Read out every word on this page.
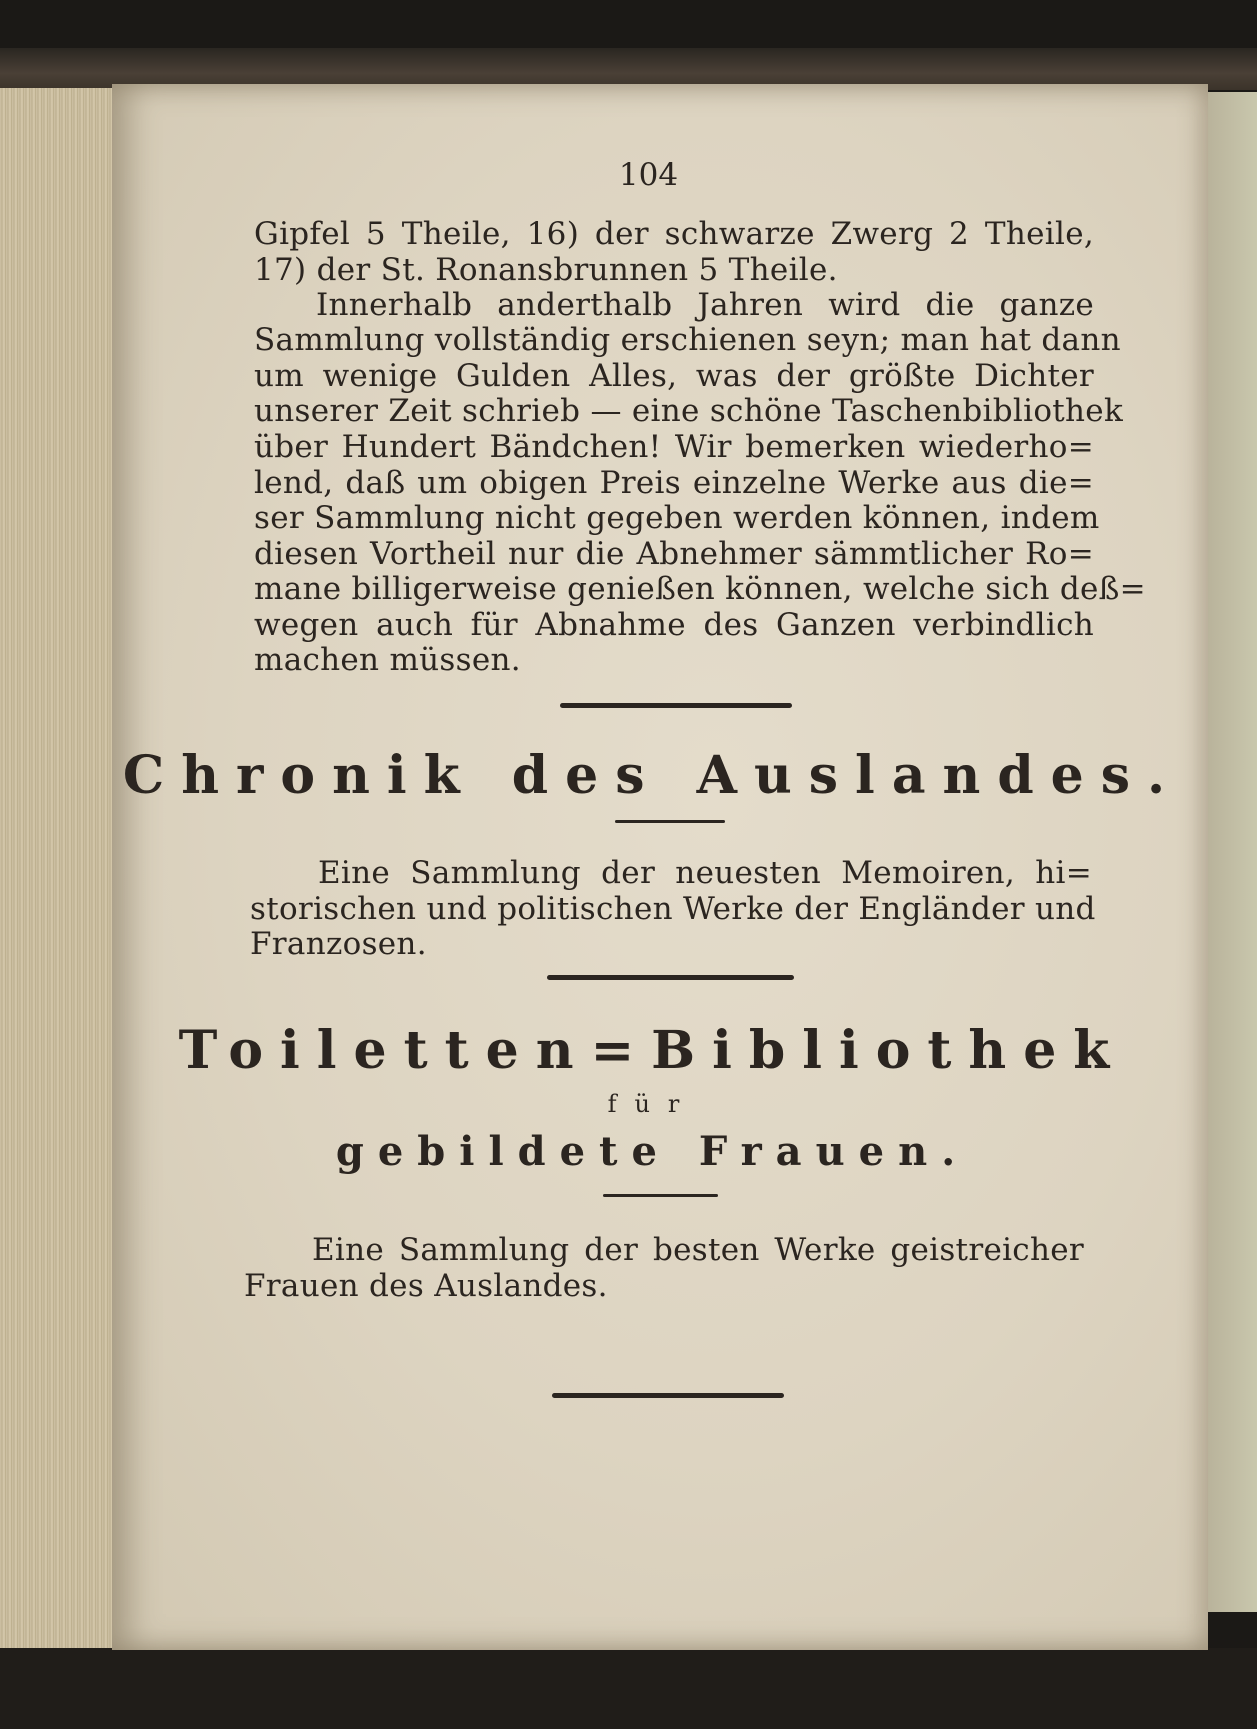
104
Gipfel 5 Theile, 16) der schwarze Zwerg 2 Theile,
17) der St. Ronansbrunnen 5 Theile.
Innerhalb anderthalb Jahren wird die ganze
Sammlung vollständig erschienen seyn; man hat dann
um wenige Gulden Alles, was der größte Dichter
unserer Zeit schrieb — eine schöne Taschenbibliothek
über Hundert Bändchen! Wir bemerken wiederho=
lend, daß um obigen Preis einzelne Werke aus die=
ser Sammlung nicht gegeben werden können, indem
diesen Vortheil nur die Abnehmer sämmtlicher Ro=
mane billigerweise genießen können, welche sich deß=
wegen auch für Abnahme des Ganzen verbindlich
machen müssen.
Chronik des Auslandes.
Eine Sammlung der neuesten Memoiren, hi=
storischen und politischen Werke der Engländer und
Franzosen.
Toiletten=Bibliothek
für
gebildete Frauen.
Eine Sammlung der besten Werke geistreicher
Frauen des Auslandes.
